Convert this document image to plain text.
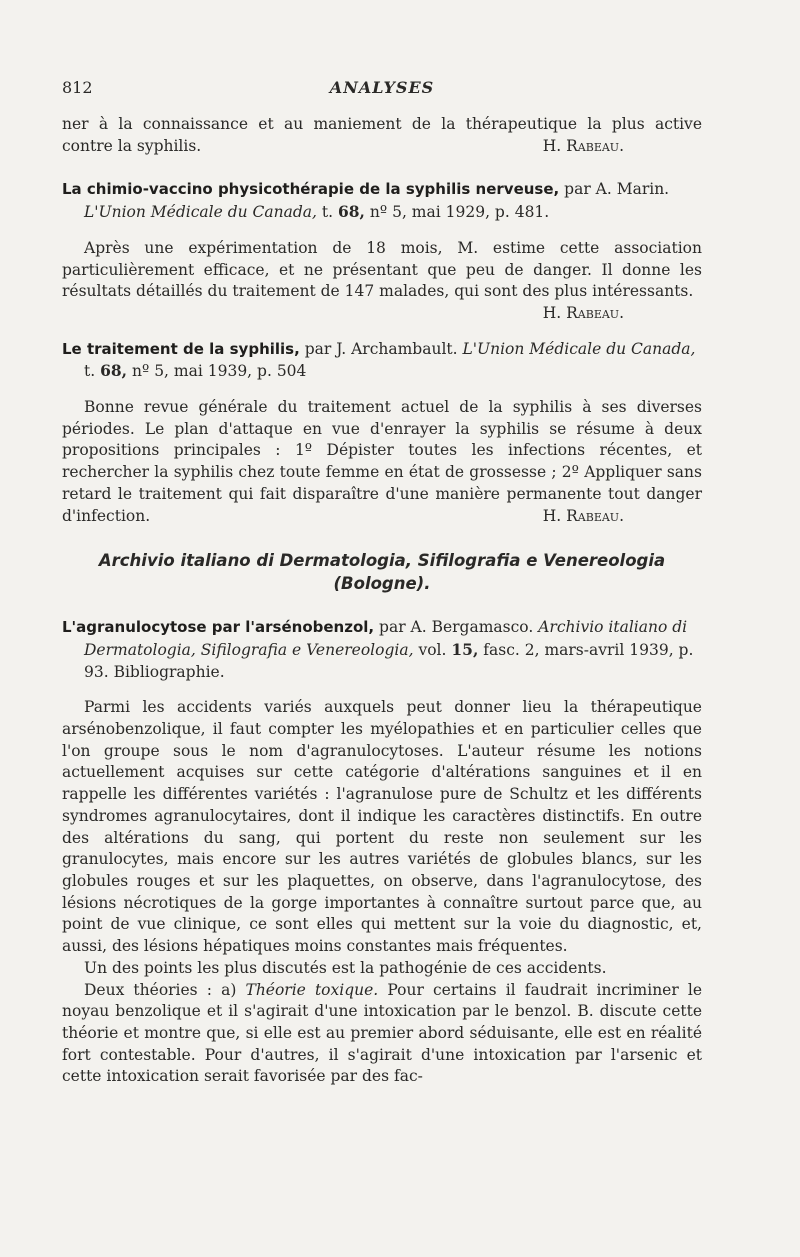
812	ANALYSES
ner à la connaissance et au maniement de la thérapeutique la plus active
contre la syphilis.	H. Rabeau.

La chimio-vaccino physicothérapie de la syphilis nerveuse, par A. Marin. L'Union Médicale du Canada, t. 68, nº 5, mai 1929, p. 481.

Après une expérimentation de 18 mois, M. estime cette association particulièrement efficace, et ne présentant que peu de danger. Il donne les résultats détaillés du traitement de 147 malades, qui sont des plus intéressants.
H. Rabeau.

Le traitement de la syphilis, par J. Archambault. L'Union Médicale du Canada, t. 68, nº 5, mai 1939, p. 504

Bonne revue générale du traitement actuel de la syphilis à ses diverses périodes. Le plan d'attaque en vue d'enrayer la syphilis se résume à deux propositions principales : 1º Dépister toutes les infections récentes, et rechercher la syphilis chez toute femme en état de grossesse ; 2º Appliquer sans retard le traitement qui fait disparaître d'une manière permanente tout danger d'infection.	H. Rabeau.

Archivio italiano di Dermatologia, Sifilografia e Venereologia

(Bologne).

L'agranulocytose par l'arsénobenzol, par A. Bergamasco. Archivio italiano di Dermatologia, Sifilografia e Venereologia, vol. 15, fasc. 2, mars-avril 1939, p. 93. Bibliographie.

Parmi les accidents variés auxquels peut donner lieu la thérapeutique arsénobenzolique, il faut compter les myélopathies et en particulier celles que l'on groupe sous le nom d'agranulocytoses. L'auteur résume les notions actuellement acquises sur cette catégorie d'altérations sanguines et il en rappelle les différentes variétés : l'agranulose pure de Schultz et les différents syndromes agranulocytaires, dont il indique les caractères distinctifs. En outre des altérations du sang, qui portent du reste non seulement sur les granulocytes, mais encore sur les autres variétés de globules blancs, sur les globules rouges et sur les plaquettes, on observe, dans l'agranulocytose, des lésions nécrotiques de la gorge importantes à connaître surtout parce que, au point de vue clinique, ce sont elles qui mettent sur la voie du diagnostic, et, aussi, des lésions hépatiques moins constantes mais fréquentes.

Un des points les plus discutés est la pathogénie de ces accidents.

Deux théories : a) Théorie toxique. Pour certains il faudrait incriminer le noyau benzolique et il s'agirait d'une intoxication par le benzol. B. discute cette théorie et montre que, si elle est au premier abord séduisante, elle est en réalité fort contestable. Pour d'autres, il s'agirait d'une intoxication par l'arsenic et cette intoxication serait favorisée par des fac-
